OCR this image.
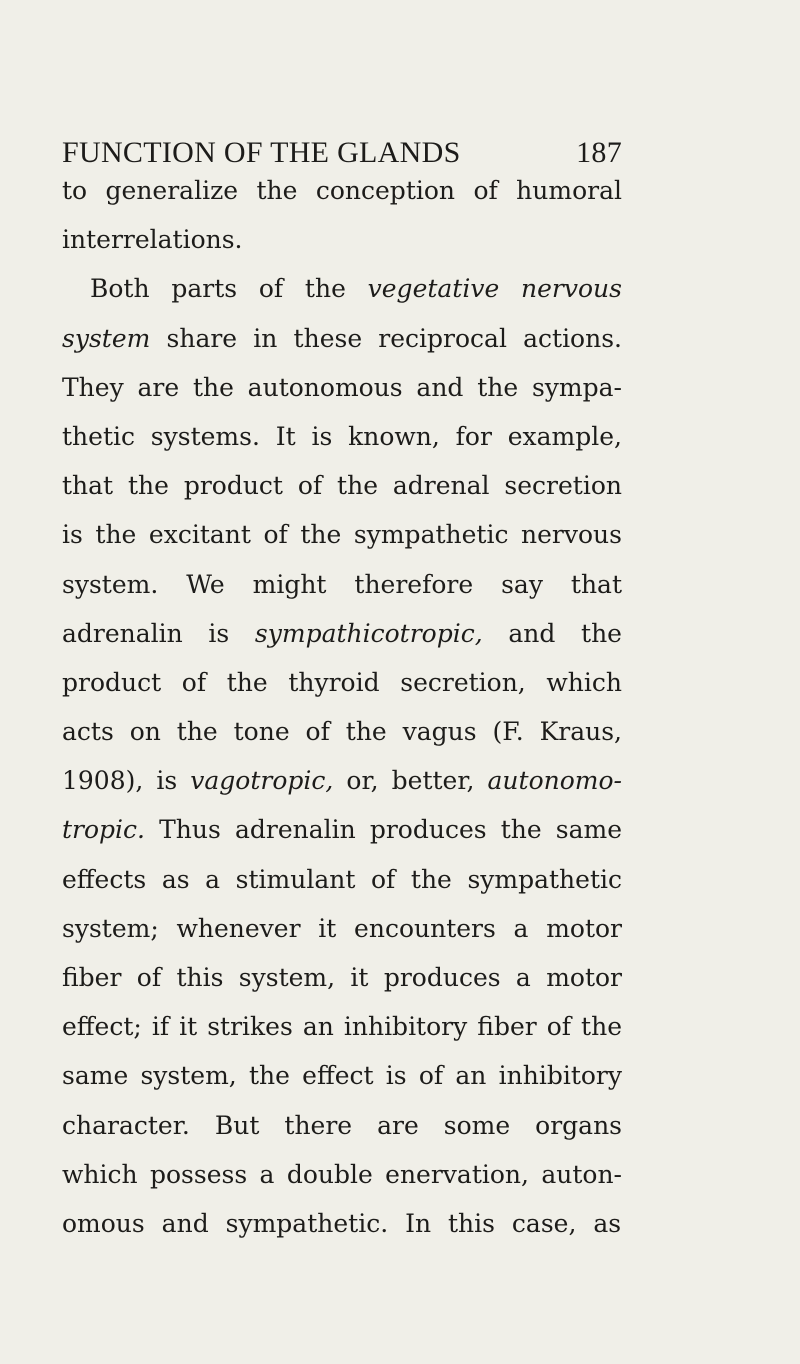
FUNCTION OF THE GLANDS	187
to generalize the conception of humoral
interrelations.
Both parts of the vegetative nervous
system share in these reciprocal actions.
They are the autonomous and the sympa-
thetic systems. It is known, for example,
that the product of the adrenal secretion
is the excitant of the sympathetic nervous
system. We might therefore say that
adrenalin is sympathicotropic, and the
product of the thyroid secretion, which
acts on the tone of the vagus (F. Kraus,
1908), is vagotropic, or, better, autonomo-
tropic. Thus adrenalin produces the same
effects as a stimulant of the sympathetic
system; whenever it encounters a motor
fiber of this system, it produces a motor
effect; if it strikes an inhibitory fiber of the
same system, the effect is of an inhibitory
character. But there are some organs
which possess a double enervation, auton-
omous and sympathetic. In this case, as
